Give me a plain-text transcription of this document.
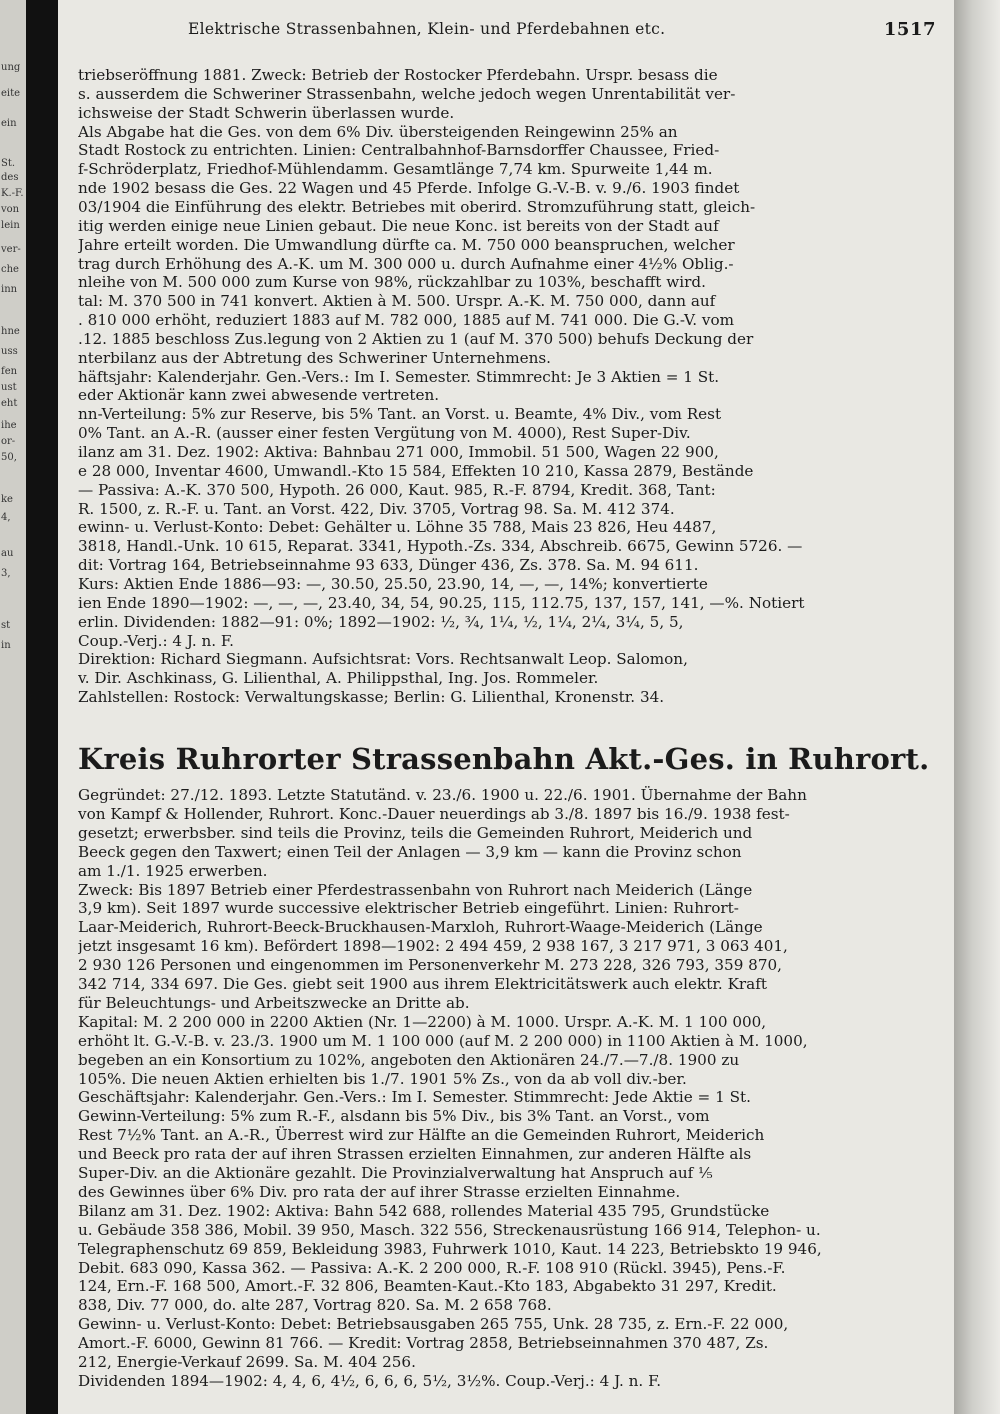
ung
eite
ein
St.
des
K.-F.
von
lein
ver-
che
inn
hne
uss
fen
ust
eht
ihe
or-
50,
ke
4,
au
3,
st
in
Elektrische Strassenbahnen, Klein- und Pferdebahnen etc.	1517
triebseröffnung 1881. Zweck: Betrieb der Rostocker Pferdebahn. Urspr. besass die
s. ausserdem die Schweriner Strassenbahn, welche jedoch wegen Unrentabilität ver-
ichsweise der Stadt Schwerin überlassen wurde.
Als Abgabe hat die Ges. von dem 6% Div. übersteigenden Reingewinn 25% an
Stadt Rostock zu entrichten. Linien: Centralbahnhof-Barnsdorffer Chaussee, Fried-
f-Schröderplatz, Friedhof-Mühlendamm. Gesamtlänge 7,74 km. Spurweite 1,44 m.
nde 1902 besass die Ges. 22 Wagen und 45 Pferde. Infolge G.-V.-B. v. 9./6. 1903 findet
03/1904 die Einführung des elektr. Betriebes mit oberird. Stromzuführung statt, gleich-
itig werden einige neue Linien gebaut. Die neue Konc. ist bereits von der Stadt auf
Jahre erteilt worden. Die Umwandlung dürfte ca. M. 750 000 beanspruchen, welcher
trag durch Erhöhung des A.-K. um M. 300 000 u. durch Aufnahme einer 4½% Oblig.-
nleihe von M. 500 000 zum Kurse von 98%, rückzahlbar zu 103%, beschafft wird.
tal: M. 370 500 in 741 konvert. Aktien à M. 500. Urspr. A.-K. M. 750 000, dann auf
. 810 000 erhöht, reduziert 1883 auf M. 782 000, 1885 auf M. 741 000. Die G.-V. vom
.12. 1885 beschloss Zus.legung von 2 Aktien zu 1 (auf M. 370 500) behufs Deckung der
nterbilanz aus der Abtretung des Schweriner Unternehmens.
häftsjahr: Kalenderjahr. Gen.-Vers.: Im I. Semester. Stimmrecht: Je 3 Aktien = 1 St.
eder Aktionär kann zwei abwesende vertreten.
nn-Verteilung: 5% zur Reserve, bis 5% Tant. an Vorst. u. Beamte, 4% Div., vom Rest
0% Tant. an A.-R. (ausser einer festen Vergütung von M. 4000), Rest Super-Div.
ilanz am 31. Dez. 1902: Aktiva: Bahnbau 271 000, Immobil. 51 500, Wagen 22 900,
e 28 000, Inventar 4600, Umwandl.-Kto 15 584, Effekten 10 210, Kassa 2879, Bestände
— Passiva: A.-K. 370 500, Hypoth. 26 000, Kaut. 985, R.-F. 8794, Kredit. 368, Tant:
R. 1500, z. R.-F. u. Tant. an Vorst. 422, Div. 3705, Vortrag 98. Sa. M. 412 374.
ewinn- u. Verlust-Konto: Debet: Gehälter u. Löhne 35 788, Mais 23 826, Heu 4487,
3818, Handl.-Unk. 10 615, Reparat. 3341, Hypoth.-Zs. 334, Abschreib. 6675, Gewinn 5726. —
dit: Vortrag 164, Betriebseinnahme 93 633, Dünger 436, Zs. 378. Sa. M. 94 611.
Kurs: Aktien Ende 1886—93: —, 30.50, 25.50, 23.90, 14, —, —, 14%; konvertierte
ien Ende 1890—1902: —, —, —, 23.40, 34, 54, 90.25, 115, 112.75, 137, 157, 141, —%. Notiert
erlin. Dividenden: 1882—91: 0%; 1892—1902: ½, ¾, 1¼, ½, 1¼, 2¼, 3¼, 5, 5,
Coup.-Verj.: 4 J. n. F.
Direktion: Richard Siegmann. Aufsichtsrat: Vors. Rechtsanwalt Leop. Salomon,
v. Dir. Aschkinass, G. Lilienthal, A. Philippsthal, Ing. Jos. Rommeler.
Zahlstellen: Rostock: Verwaltungskasse; Berlin: G. Lilienthal, Kronenstr. 34.
Kreis Ruhrorter Strassenbahn Akt.-Ges. in Ruhrort.
Gegründet: 27./12. 1893. Letzte Statutänd. v. 23./6. 1900 u. 22./6. 1901. Übernahme der Bahn
von Kampf & Hollender, Ruhrort. Konc.-Dauer neuerdings ab 3./8. 1897 bis 16./9. 1938 fest-
gesetzt; erwerbsber. sind teils die Provinz, teils die Gemeinden Ruhrort, Meiderich und
Beeck gegen den Taxwert; einen Teil der Anlagen — 3,9 km — kann die Provinz schon
am 1./1. 1925 erwerben.
Zweck: Bis 1897 Betrieb einer Pferdestrassenbahn von Ruhrort nach Meiderich (Länge
3,9 km). Seit 1897 wurde successive elektrischer Betrieb eingeführt. Linien: Ruhrort-
Laar-Meiderich, Ruhrort-Beeck-Bruckhausen-Marxloh, Ruhrort-Waage-Meiderich (Länge
jetzt insgesamt 16 km). Befördert 1898—1902: 2 494 459, 2 938 167, 3 217 971, 3 063 401,
2 930 126 Personen und eingenommen im Personenverkehr M. 273 228, 326 793, 359 870,
342 714, 334 697. Die Ges. giebt seit 1900 aus ihrem Elektricitätswerk auch elektr. Kraft
für Beleuchtungs- und Arbeitszwecke an Dritte ab.
Kapital: M. 2 200 000 in 2200 Aktien (Nr. 1—2200) à M. 1000. Urspr. A.-K. M. 1 100 000,
erhöht lt. G.-V.-B. v. 23./3. 1900 um M. 1 100 000 (auf M. 2 200 000) in 1100 Aktien à M. 1000,
begeben an ein Konsortium zu 102%, angeboten den Aktionären 24./7.—7./8. 1900 zu
105%. Die neuen Aktien erhielten bis 1./7. 1901 5% Zs., von da ab voll div.-ber.
Geschäftsjahr: Kalenderjahr. Gen.-Vers.: Im I. Semester. Stimmrecht: Jede Aktie = 1 St.
Gewinn-Verteilung: 5% zum R.-F., alsdann bis 5% Div., bis 3% Tant. an Vorst., vom
Rest 7½% Tant. an A.-R., Überrest wird zur Hälfte an die Gemeinden Ruhrort, Meiderich
und Beeck pro rata der auf ihren Strassen erzielten Einnahmen, zur anderen Hälfte als
Super-Div. an die Aktionäre gezahlt. Die Provinzialverwaltung hat Anspruch auf ⅕
des Gewinnes über 6% Div. pro rata der auf ihrer Strasse erzielten Einnahme.
Bilanz am 31. Dez. 1902: Aktiva: Bahn 542 688, rollendes Material 435 795, Grundstücke
u. Gebäude 358 386, Mobil. 39 950, Masch. 322 556, Streckenausrüstung 166 914, Telephon- u.
Telegraphenschutz 69 859, Bekleidung 3983, Fuhrwerk 1010, Kaut. 14 223, Betriebskto 19 946,
Debit. 683 090, Kassa 362. — Passiva: A.-K. 2 200 000, R.-F. 108 910 (Rückl. 3945), Pens.-F.
124, Ern.-F. 168 500, Amort.-F. 32 806, Beamten-Kaut.-Kto 183, Abgabekto 31 297, Kredit.
838, Div. 77 000, do. alte 287, Vortrag 820. Sa. M. 2 658 768.
Gewinn- u. Verlust-Konto: Debet: Betriebsausgaben 265 755, Unk. 28 735, z. Ern.-F. 22 000,
Amort.-F. 6000, Gewinn 81 766. — Kredit: Vortrag 2858, Betriebseinnahmen 370 487, Zs.
212, Energie-Verkauf 2699. Sa. M. 404 256.
Dividenden 1894—1902: 4, 4, 6, 4½, 6, 6, 6, 5½, 3½%. Coup.-Verj.: 4 J. n. F.
